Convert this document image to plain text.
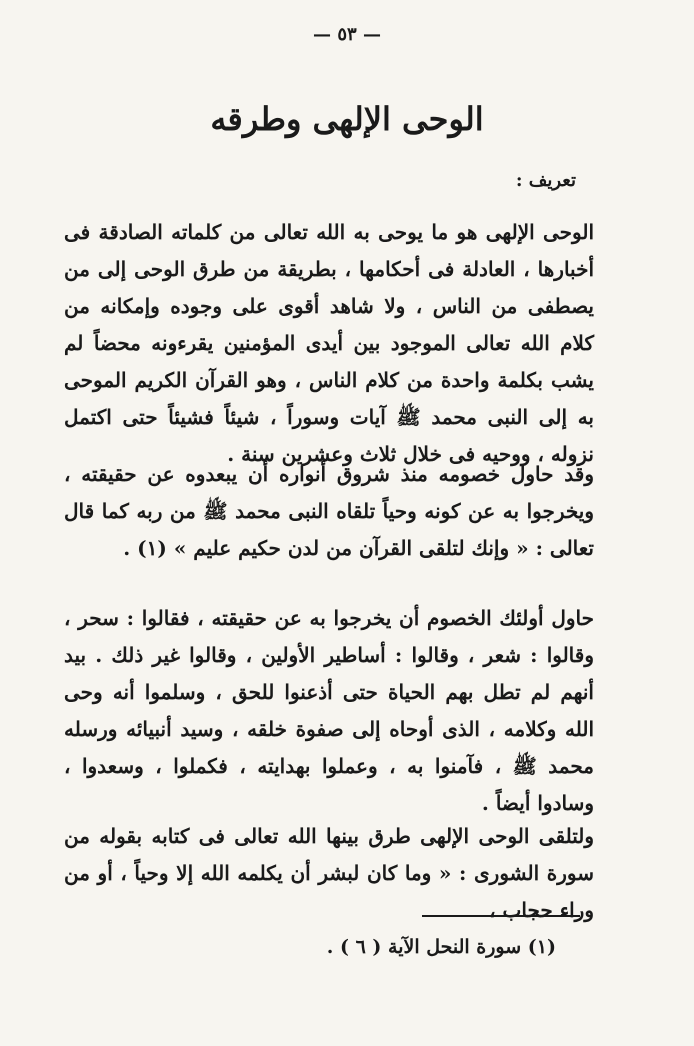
— ٥٣ —
الوحى الإلهى وطرقه
تعريف :
الوحى الإلهى هو ما يوحى به الله تعالى من كلماته الصادقة فى أخبارها ، العادلة فى أحكامها ، بطريقة من طرق الوحى إلى من يصطفى من الناس ، ولا شاهد أقوى على وجوده وإمكانه من كلام الله تعالى الموجود بين أيدى المؤمنين يقرءونه محضاً لم يشب بكلمة واحدة من كلام الناس ، وهو القرآن الكريم الموحى به إلى النبى محمد ﷺ آيات وسوراً ، شيئاً فشيئاً حتى اكتمل نزوله ، ووحيه فى خلال ثلاث وعشرين سنة .
وقد حاول خصومه منذ شروق أنواره أن يبعدوه عن حقيقته ، ويخرجوا به عن كونه وحياً تلقاه النبى محمد ﷺ من ربه كما قال تعالى : « وإنك لتلقى القرآن من لدن حكيم عليم » (١) .
حاول أولئك الخصوم أن يخرجوا به عن حقيقته ، فقالوا : سحر ، وقالوا : شعر ، وقالوا : أساطير الأولين ، وقالوا غير ذلك . بيد أنهم لم تطل بهم الحياة حتى أذعنوا للحق ، وسلموا أنه وحى الله وكلامه ، الذى أوحاه إلى صفوة خلقه ، وسيد أنبيائه ورسله محمد ﷺ ، فآمنوا به ، وعملوا بهدايته ، فكملوا ، وسعدوا ، وسادوا أيضاً .
ولتلقى الوحى الإلهى طرق بينها الله تعالى فى كتابه بقوله من سورة الشورى : « وما كان لبشر أن يكلمه الله إلا وحياً ، أو من وراء حجاب ،
(١) سورة النحل الآية ( ٦ ) .
